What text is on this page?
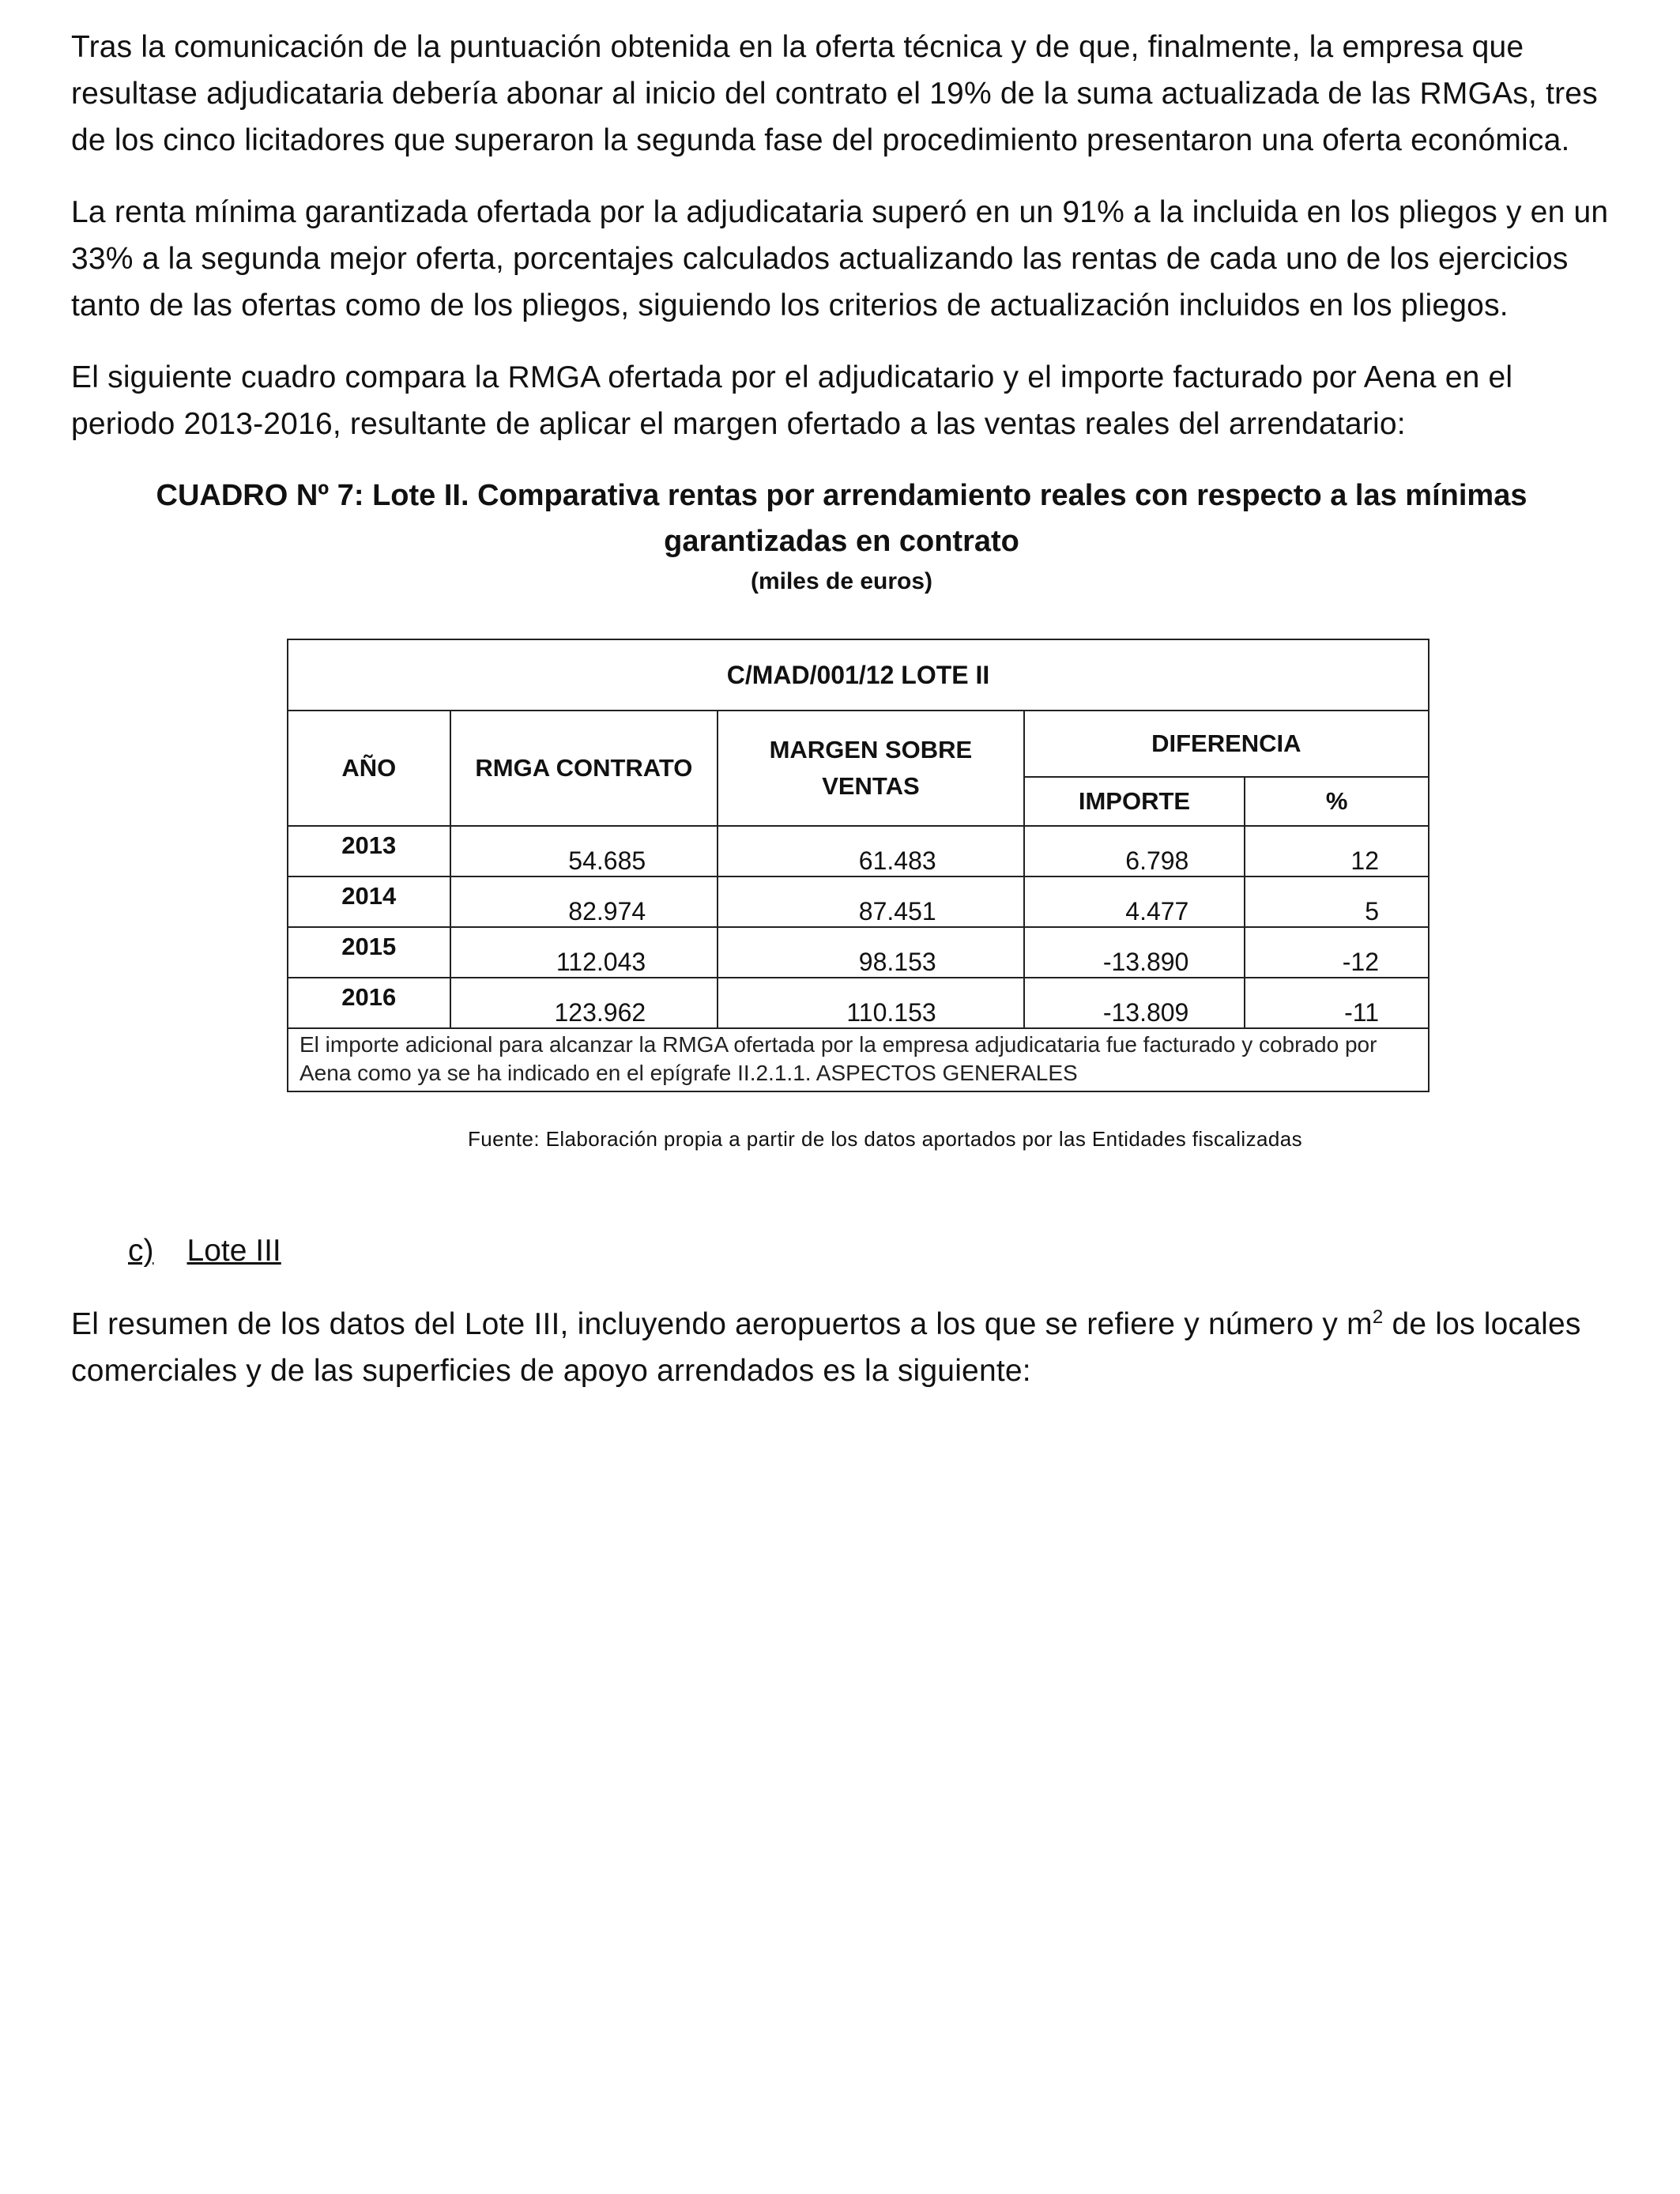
Tras la comunicación de la puntuación obtenida en la oferta técnica y de que, finalmente, la empresa que resultase adjudicataria debería abonar al inicio del contrato el 19% de la suma actualizada de las RMGAs, tres de los cinco licitadores que superaron la segunda fase del procedimiento presentaron una oferta económica.

La renta mínima garantizada ofertada por la adjudicataria superó en un 91% a la incluida en los pliegos y en un 33% a la segunda mejor oferta, porcentajes calculados actualizando las rentas de cada uno de los ejercicios tanto de las ofertas como de los pliegos, siguiendo los criterios de actualización incluidos en los pliegos.

El siguiente cuadro compara la RMGA ofertada por el adjudicatario y el importe facturado por Aena en el periodo 2013-2016, resultante de aplicar el margen ofertado a las ventas reales del arrendatario:

CUADRO Nº 7: Lote II. Comparativa rentas por arrendamiento reales con respecto a las mínimas garantizadas en contrato

(miles de euros)

C/MAD/001/12 LOTE II				
AÑO	RMGA CONTRATO	MARGEN SOBRE VENTAS	DIFERENCIA	
			IMPORTE	%
2013	54.685	61.483	6.798	12
2014	82.974	87.451	4.477	5
2015	112.043	98.153	-13.890	-12
2016	123.962	110.153	-13.809	-11
El importe adicional para alcanzar la RMGA ofertada por la empresa adjudicataria fue facturado y cobrado por Aena como ya se ha indicado en el epígrafe II.2.1.1. ASPECTOS GENERALES				

Fuente: Elaboración propia a partir de los datos aportados por las Entidades fiscalizadas

c) Lote III

El resumen de los datos del Lote III, incluyendo aeropuertos a los que se refiere y número y $m^2$ de los locales comerciales y de las superficies de apoyo arrendados es la siguiente:
